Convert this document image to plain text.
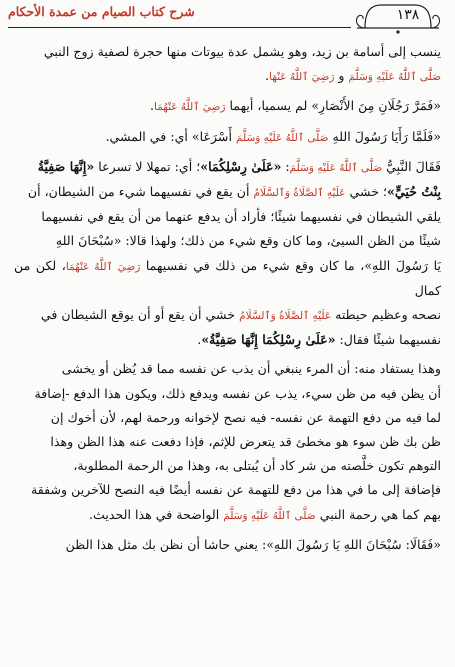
شرح كتاب الصيام من عمدة الأحكام	١٣٨

ينسب إلى أسامة بن زيد، وهو يشمل عدة بيوتات منها حجرة لصفية زوج النبي

صَلَّى ٱللَّهُ عَلَيْهِ وَسَلَّمَ و رَضِيَ ٱللَّهُ عَنْهَا.

«فَمَرَّ رَجُلَانِ مِنَ الأَنْصَارِ» لم يسميا، أيهما رَضِيَ ٱللَّهُ عَنْهُمَا.

«فَلَمَّا رَأَيَا رَسُولَ اللهِ صَلَّى ٱللَّهُ عَلَيْهِ وَسَلَّمَ أَسْرَعَا» أي: في المشي.

فَقَالَ النَّبِيُّ صَلَّى ٱللَّهُ عَلَيْهِ وَسَلَّمَ: «عَلَىٰ رِسْلِكُمَا»؛ أي: تمهلا لا تسرعا «إِنَّهَا صَفِيَّةُ

بِنْتُ حُيَيٍّ»؛ خشي عَلَيْهِ ٱلصَّلَاةُ وَٱلسَّلَامُ أن يقع في نفسيهما شيء من الشيطان، أن

يلقي الشيطان في نفسيهما شيئًا؛ فأراد أن يدفع عنهما من أن يقع في نفسيهما

شيئًا من الظن السيئ، وما كان وقع شيء من ذلك؛ ولهذا قالا: «سُبْحَانَ اللهِ

يَا رَسُولَ اللهِ»، ما كان وقع شيء من ذلك في نفسيهما رَضِيَ ٱللَّهُ عَنْهُمَا، لكن من كمال

نصحه وعظيم حيطته عَلَيْهِ ٱلصَّلَاةُ وَٱلسَّلَامُ خشي أن يقع أو أن يوقع الشيطان في

نفسيهما شيئًا فقال: «عَلَىٰ رِسْلِكُمَا إِنَّهَا صَفِيَّةُ».

وهذا يستفاد منه: أن المرء ينبغي أن يذب عن نفسه مما قد يُظن أو يخشى

أن يظن فيه من ظن سيء، يذب عن نفسه ويدفع ذلك، ويكون هذا الدفع -إضافة

لما فيه من دفع التهمة عن نفسه- فيه نصح لإخوانه ورحمة لهم، لأن أخوك إن

ظن بك ظن سوء هو مخطئ قد يتعرض للإثم، فإذا دفعت عنه هذا الظن وهذا

التوهم تكون خلَّصته من شر كاد أن يُبتلى به، وهذا من الرحمة المطلوبة،

فإضافة إلى ما في هذا من دفع للتهمة عن نفسه أيضًا فيه النصح للآخرين وشفقة

بهم كما هي رحمة النبي صَلَّى ٱللَّهُ عَلَيْهِ وَسَلَّمَ الواضحة في هذا الحديث.

«فَقَالَا: سُبْحَانَ اللهِ يَا رَسُولَ اللهِ»: يعني حاشا أن نظن بك مثل هذا الظن
